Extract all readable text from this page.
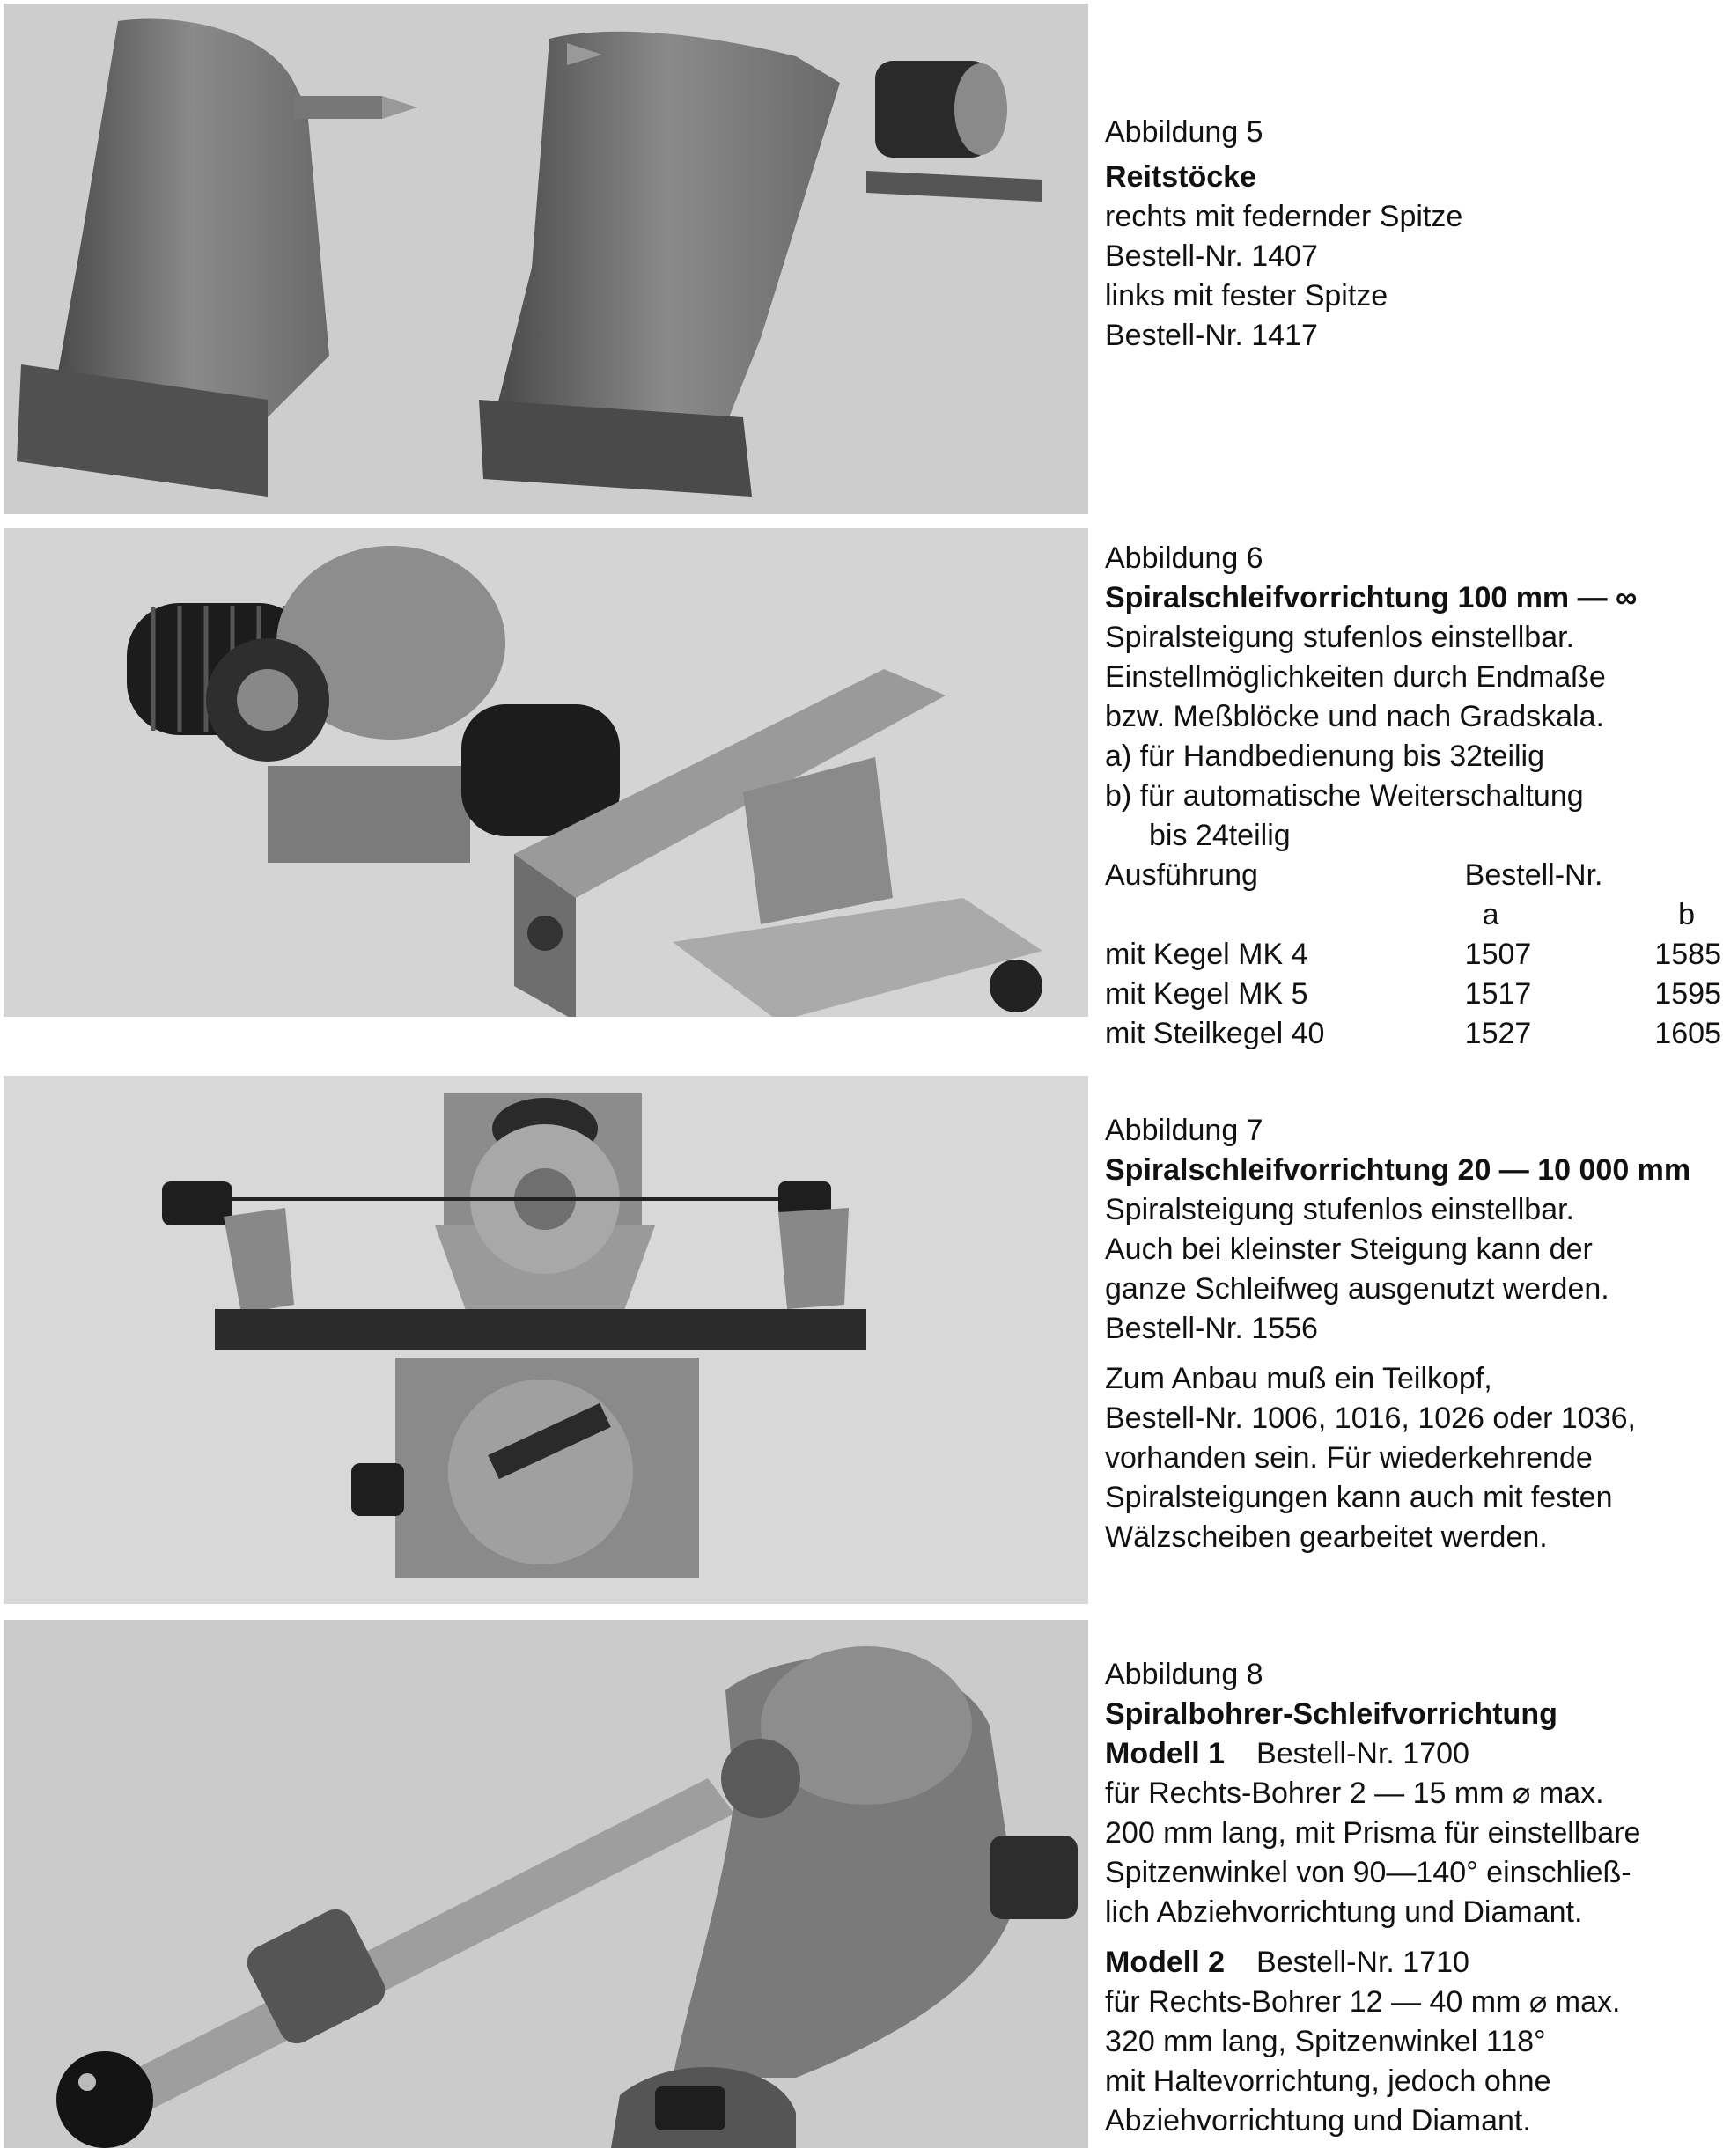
Abbildung 5
Reitstöcke
rechts mit federnder Spitze
Bestell-Nr. 1407
links mit fester Spitze
Bestell-Nr. 1417
Abbildung 6
Spiralschleifvorrichtung 100 mm — ∞
Spiralsteigung stufenlos einstellbar.
Einstellmöglichkeiten durch Endmaße
bzw. Meßblöcke und nach Gradskala.
a) für Handbedienung bis 32teilig
b) für automatische Weiterschaltung
bis 24teilig
Ausführung	Bestell-Nr.	
	a	b
mit Kegel MK 4	1507	1585
mit Kegel MK 5	1517	1595
mit Steilkegel 40	1527	1605
Abbildung 7
Spiralschleifvorrichtung 20 — 10 000 mm
Spiralsteigung stufenlos einstellbar.
Auch bei kleinster Steigung kann der
ganze Schleifweg ausgenutzt werden.
Bestell-Nr. 1556
Zum Anbau muß ein Teilkopf,
Bestell-Nr. 1006, 1016, 1026 oder 1036,
vorhanden sein. Für wiederkehrende
Spiralsteigungen kann auch mit festen
Wälzscheiben gearbeitet werden.
Abbildung 8
Spiralbohrer-Schleifvorrichtung
Modell 1 Bestell-Nr. 1700
für Rechts-Bohrer 2 — 15 mm ⌀ max.
200 mm lang, mit Prisma für einstellbare
Spitzenwinkel von 90—140° einschließ-
lich Abziehvorrichtung und Diamant.
Modell 2 Bestell-Nr. 1710
für Rechts-Bohrer 12 — 40 mm ⌀ max.
320 mm lang, Spitzenwinkel 118°
mit Haltevorrichtung, jedoch ohne
Abziehvorrichtung und Diamant.
